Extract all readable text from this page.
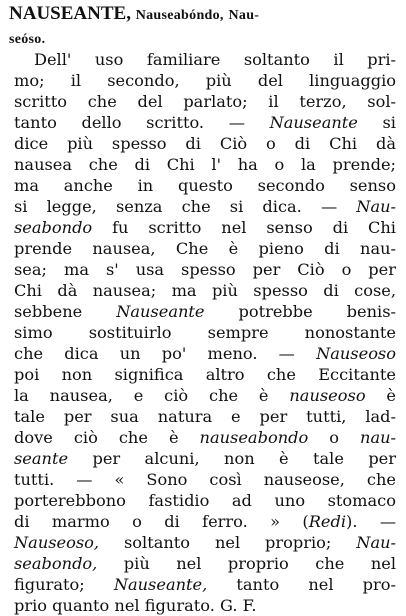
NAUSEANTE, Nauseabóndo, Nau-
seóso.
Dell' uso familiare soltanto il pri-
mo; il secondo, più del linguaggio
scritto che del parlato; il terzo, sol-
tanto dello scritto. — Nauseante si
dice più spesso di Ciò o di Chi dà
nausea che di Chi l' ha o la prende;
ma anche in questo secondo senso
si legge, senza che si dica. — Nau-
seabondo fu scritto nel senso di Chi
prende nausea, Che è pieno di nau-
sea; ma s' usa spesso per Ciò o per
Chi dà nausea; ma più spesso di cose,
sebbene Nauseante potrebbe benis-
simo sostituirlo sempre nonostante
che dica un po' meno. — Nauseoso
poi non significa altro che Eccitante
la nausea, e ciò che è nauseoso è
tale per sua natura e per tutti, lad-
dove ciò che è nauseabondo o nau-
seante per alcuni, non è tale per
tutti. — « Sono così nauseose, che
porterebbono fastidio ad uno stomaco
di marmo o di ferro. » (Redi). —
Nauseoso, soltanto nel proprio; Nau-
seabondo, più nel proprio che nel
figurato; Nauseante, tanto nel pro-
prio quanto nel figurato. G. F.
